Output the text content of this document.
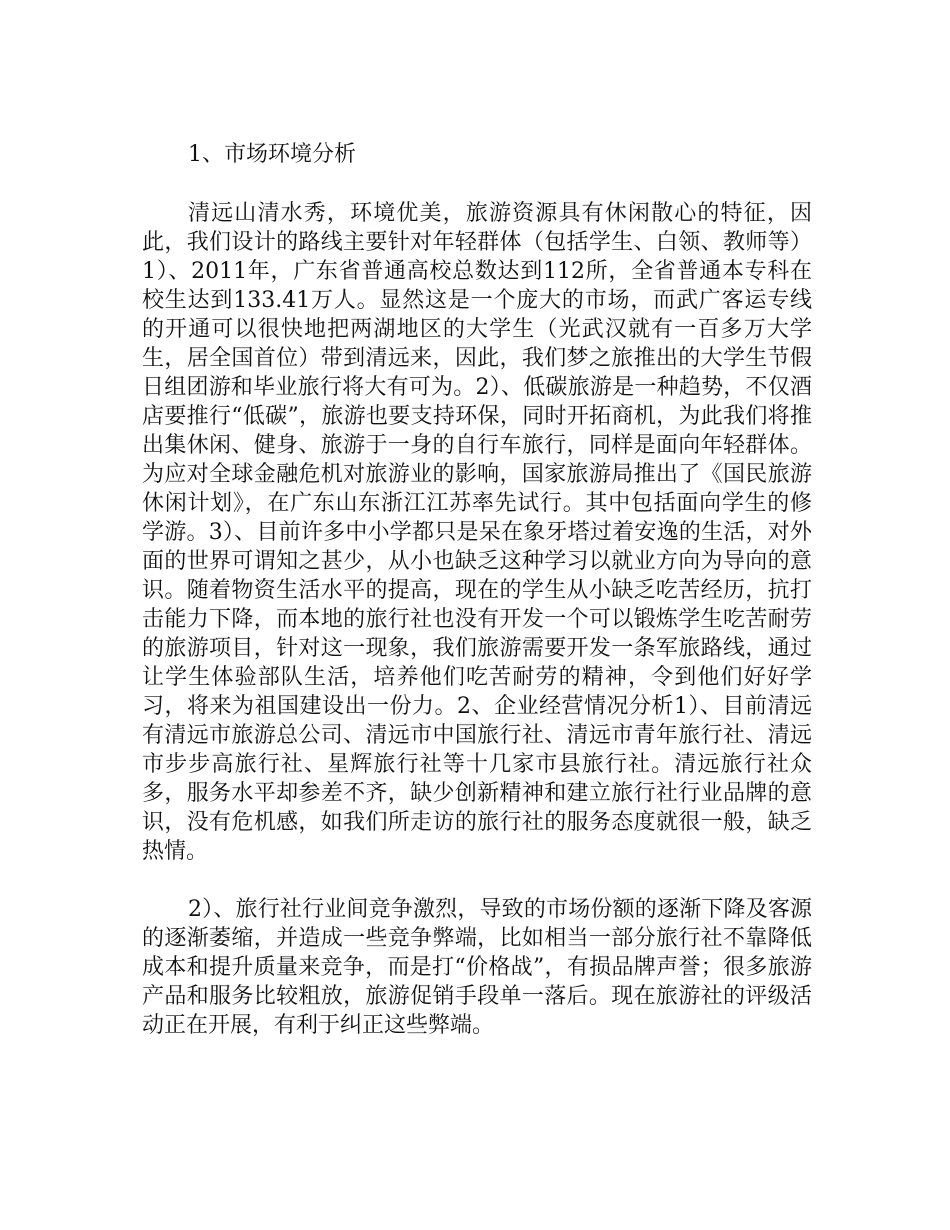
1、市场环境分析

清远山清水秀，环境优美，旅游资源具有休闲散心的特征，因此，我们设计的路线主要针对年轻群体（包括学生、白领、教师等）1）、2011年，广东省普通高校总数达到112所，全省普通本专科在校生达到133.41万人。显然这是一个庞大的市场，而武广客运专线的开通可以很快地把两湖地区的大学生（光武汉就有一百多万大学生，居全国首位）带到清远来，因此，我们梦之旅推出的大学生节假日组团游和毕业旅行将大有可为。2）、低碳旅游是一种趋势，不仅酒店要推行“低碳”，旅游也要支持环保，同时开拓商机，为此我们将推出集休闲、健身、旅游于一身的自行车旅行，同样是面向年轻群体。为应对全球金融危机对旅游业的影响，国家旅游局推出了《国民旅游休闲计划》，在广东山东浙江江苏率先试行。其中包括面向学生的修学游。3）、目前许多中小学都只是呆在象牙塔过着安逸的生活，对外面的世界可谓知之甚少，从小也缺乏这种学习以就业方向为导向的意识。随着物资生活水平的提高，现在的学生从小缺乏吃苦经历，抗打击能力下降，而本地的旅行社也没有开发一个可以锻炼学生吃苦耐劳的旅游项目，针对这一现象，我们旅游需要开发一条军旅路线，通过让学生体验部队生活，培养他们吃苦耐劳的精神，令到他们好好学习，将来为祖国建设出一份力。2、企业经营情况分析1）、目前清远有清远市旅游总公司、清远市中国旅行社、清远市青年旅行社、清远市步步高旅行社、星辉旅行社等十几家市县旅行社。清远旅行社众多，服务水平却参差不齐，缺少创新精神和建立旅行社行业品牌的意识，没有危机感，如我们所走访的旅行社的服务态度就很一般，缺乏热情。

2）、旅行社行业间竞争激烈，导致的市场份额的逐渐下降及客源的逐渐萎缩，并造成一些竞争弊端，比如相当一部分旅行社不靠降低成本和提升质量来竞争，而是打“价格战”，有损品牌声誉；很多旅游产品和服务比较粗放，旅游促销手段单一落后。现在旅游社的评级活动正在开展，有利于纠正这些弊端。
